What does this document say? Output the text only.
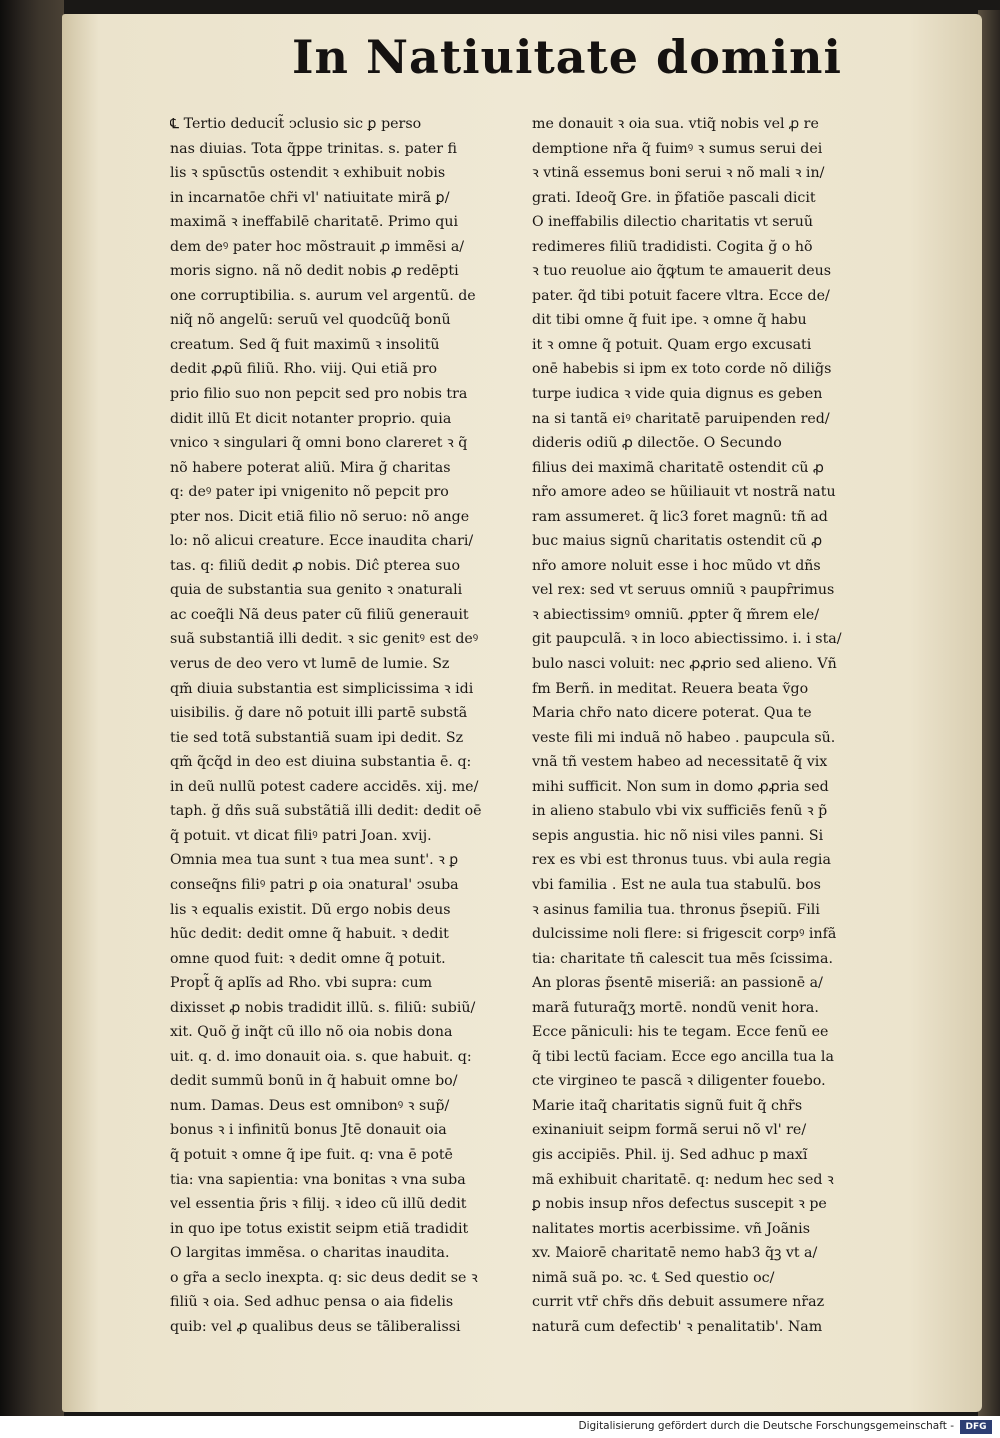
In Natiuitate domini
℄ Tertio deducit̃ ↄclusio sic ꝑ perso
nas diuias. Tota q̃ppe trinitas. s. pater fi
lis ꝛ spūsctūs ostendit ꝛ exhibuit nobis
in incarnatōe chr̃i vl' natiuitate mirã ꝑ/
maximã ꝛ ineffabilē charitatē. Primo qui
dem deꝰ pater hoc mõstrauit ꝓ immẽsi a/
moris signo. nã nõ dedit nobis ꝓ redēpti
one corruptibilia. s. aurum vel argentũ. de
niq̃ nõ angelũ: seruũ vel quodcũq̃ bonũ
creatum. Sed q̃ fuit maximũ ꝛ insolitũ
dedit ꝓꝓũ filiũ. Rho. viij. Qui etiã pro
prio filio suo non pepcit sed pro nobis tra
didit illũ Et dicit notanter proprio. quia
vnico ꝛ singulari q̃ omni bono clareret ꝛ q̃
nõ habere poterat aliũ. Mira ğ charitas
q: deꝰ pater ipi vnigenito nõ pepcit pro
pter nos. Dicit etiã filio nõ seruo: nõ ange
lo: nõ alicui creature. Ecce inaudita chari/
tas. q: filiũ dedit ꝓ nobis. Diĉ pterea suo
quia de substantia sua genito ꝛ ↄnaturali
ac coeq̃li Nã deus pater cũ filiũ generauit
suã substantiã illi dedit. ꝛ sic genitꝰ est deꝰ
verus de deo vero vt lumē de lumie. Sz
qm̃ diuia substantia est simplicissima ꝛ idi
uisibilis. ğ dare nõ potuit illi partē substã
tie sed totã substantiã suam ipi dedit. Sz
qm̃ q̃cq̃d in deo est diuina substantia ē. q:
in deũ nullũ potest cadere accidēs. xij. me/
taph. ğ dñs suã substãtiã illi dedit: dedit oē
q̃ potuit. vt dicat filiꝰ patri Joan. xvij.
Omnia mea tua sunt ꝛ tua mea sunt'. ꝛ ꝑ
conseq̃ns filiꝰ patri ꝑ oia ↄnatural' ↄsuba
lis ꝛ equalis existit. Dũ ergo nobis deus
hũc dedit: dedit omne q̃ habuit. ꝛ dedit
omne quod fuit: ꝛ dedit omne q̃ potuit.
Propt̃ q̃ aplĩs ad Rho. vbi supra: cum
dixisset ꝓ nobis tradidit illũ. s. filiũ: subiũ/
xit. Quõ ğ inq̃t cũ illo nõ oia nobis dona
uit. q. d. imo donauit oia. s. que habuit. q:
dedit summũ bonũ in q̃ habuit omne bo/
num. Damas. Deus est omnibonꝰ ꝛ sup̃/
bonus ꝛ i infinitũ bonus Jtē donauit oia
q̃ potuit ꝛ omne q̃ ipe fuit. q: vna ē potē
tia: vna sapientia: vna bonitas ꝛ vna suba
vel essentia p̃ris ꝛ filij. ꝛ ideo cũ illũ dedit
in quo ipe totus existit seipm etiã tradidit
O largitas immẽsa. o charitas inaudita.
o gr̃a a seclo inexpta. q: sic deus dedit se ꝛ
filiũ ꝛ oia. Sed adhuc pensa o aia fidelis
quib: vel ꝓ qualibus deus se tãliberalissi
me donauit ꝛ oia sua. vtiq̃ nobis vel ꝓ re
demptione nr̃a q̃ fuimꝰ ꝛ sumus serui dei
ꝛ vtinã essemus boni serui ꝛ nõ mali ꝛ in/
grati. Ideoq̃ Gre. in p̃fatiõe pascali dicit
O ineffabilis dilectio charitatis vt seruũ
redimeres filiũ tradidisti. Cogita ğ o hõ
ꝛ tuo reuolue aio q̃ꝙtum te amauerit deus
pater. q̃d tibi potuit facere vltra. Ecce de/
dit tibi omne q̃ fuit ipe. ꝛ omne q̃ habu
it ꝛ omne q̃ potuit. Quam ergo excusati
onē habebis si ipm ex toto corde nõ dilig̃s
turpe iudica ꝛ vide quia dignus es geben
na si tantã eiꝰ charitatē paruipenden red/
dideris odiũ ꝓ dilectõe. O Secundo
filius dei maximã charitatē ostendit cũ ꝓ
nr̃o amore adeo se hũiliauit vt nostrã natu
ram assumeret. q̃ lic3 foret magnũ: tñ ad
buc maius signũ charitatis ostendit cũ ꝓ
nr̃o amore noluit esse i hoc mũdo vt dñs
vel rex: sed vt seruus omniũ ꝛ paupȓrimus
ꝛ abiectissimꝰ omniũ. ꝓpter q̃ m̃rem ele/
git paupculã. ꝛ in loco abiectissimo. i. i sta/
bulo nasci voluit: nec ꝓꝓrio sed alieno. Vñ
fm Berñ. in meditat. Reuera beata ṽgo
Maria chr̃o nato dicere poterat. Qua te
veste fili mi induã nõ habeo . paupcula sũ.
vnã tñ vestem habeo ad necessitatē q̃ vix
mihi sufficit. Non sum in domo ꝓꝓria sed
in alieno stabulo vbi vix sufficiēs fenũ ꝛ p̃
sepis angustia. hic nõ nisi viles panni. Si
rex es vbi est thronus tuus. vbi aula regia
vbi familia . Est ne aula tua stabulũ. bos
ꝛ asinus familia tua. thronus p̃sepiũ. Fili
dulcissime noli flere: si frigescit corpꝰ infã
tia: charitate tñ calescit tua mēs ſcissima.
An ploras p̃sentē miseriã: an passionē a/
marã futuraq̃ʒ mortē. nondũ venit hora.
Ecce pãniculi: his te tegam. Ecce fenũ ee
q̃ tibi lectũ faciam. Ecce ego ancilla tua la
cte virgineo te pascã ꝛ diligenter fouebo.
Marie itaq̃ charitatis signũ fuit q̃ chr̃s
exinaniuit seipm formã serui nõ vl' re/
gis accipiēs. Phil. ij. Sed adhuc p maxĩ
mã exhibuit charitatē. q: nedum hec sed ꝛ
ꝑ nobis insup nr̃os defectus suscepit ꝛ pe
nalitates mortis acerbissime. vñ Joãnis
xv. Maiorē charitatē nemo hab3 q̃ꝫ vt a/
nimã suã po. ꝛc. ℄ Sed questio oc/
currit vtr̃ chr̃s dñs debuit assumere nr̃az
naturã cum defectib' ꝛ penalitatib'. Nam
Digitalisierung gefördert durch die Deutsche Forschungsgemeinschaft -	DFG
